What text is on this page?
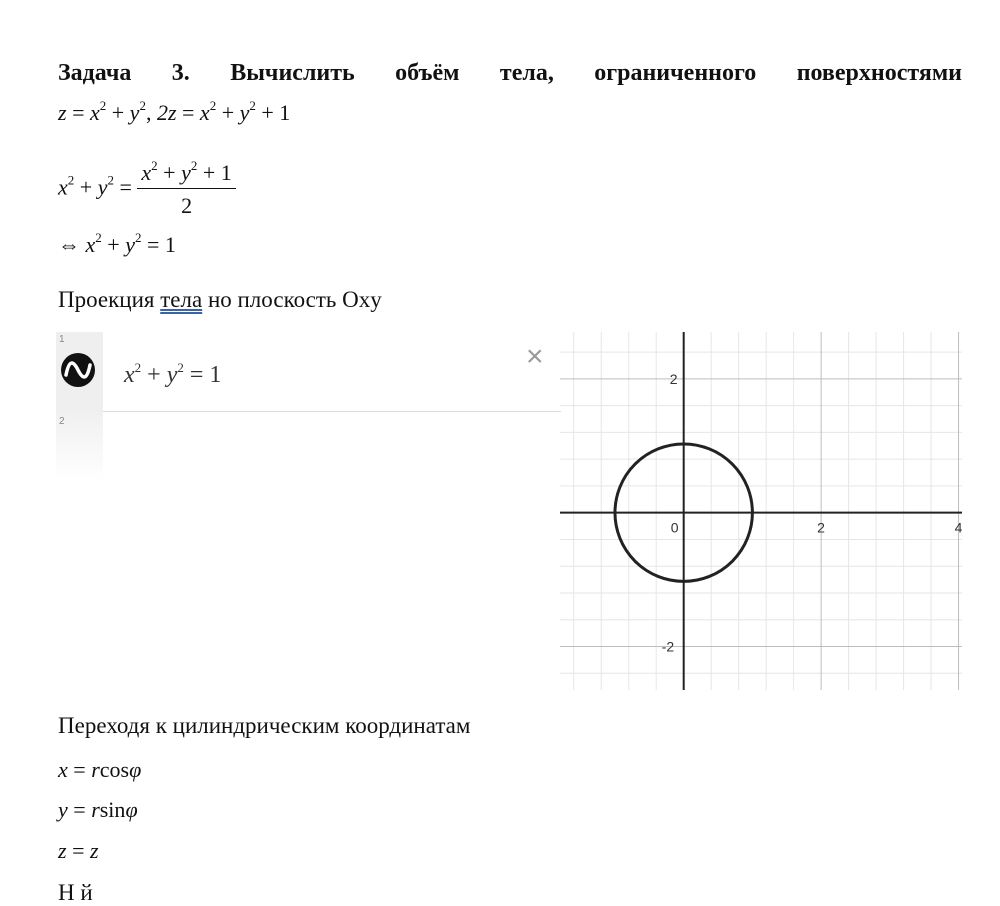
Задача 3. Вычислить объём тела, ограниченного поверхностями
$z = x^2 + y^2$, $2z = x^2 + y^2 + 1$
$x^2 + y^2 = \frac{x^2 + y^2 + 1}{2}$
⇔ $x^2 + y^2 = 1$
Проекция тела но плоскость Oxy
1
2
$x^2 + y^2 = 1$
×
0	2	4
2
-2
Переходя к цилиндрическим координатам
x = rcosφ
y = rsinφ
z = z
Н й
